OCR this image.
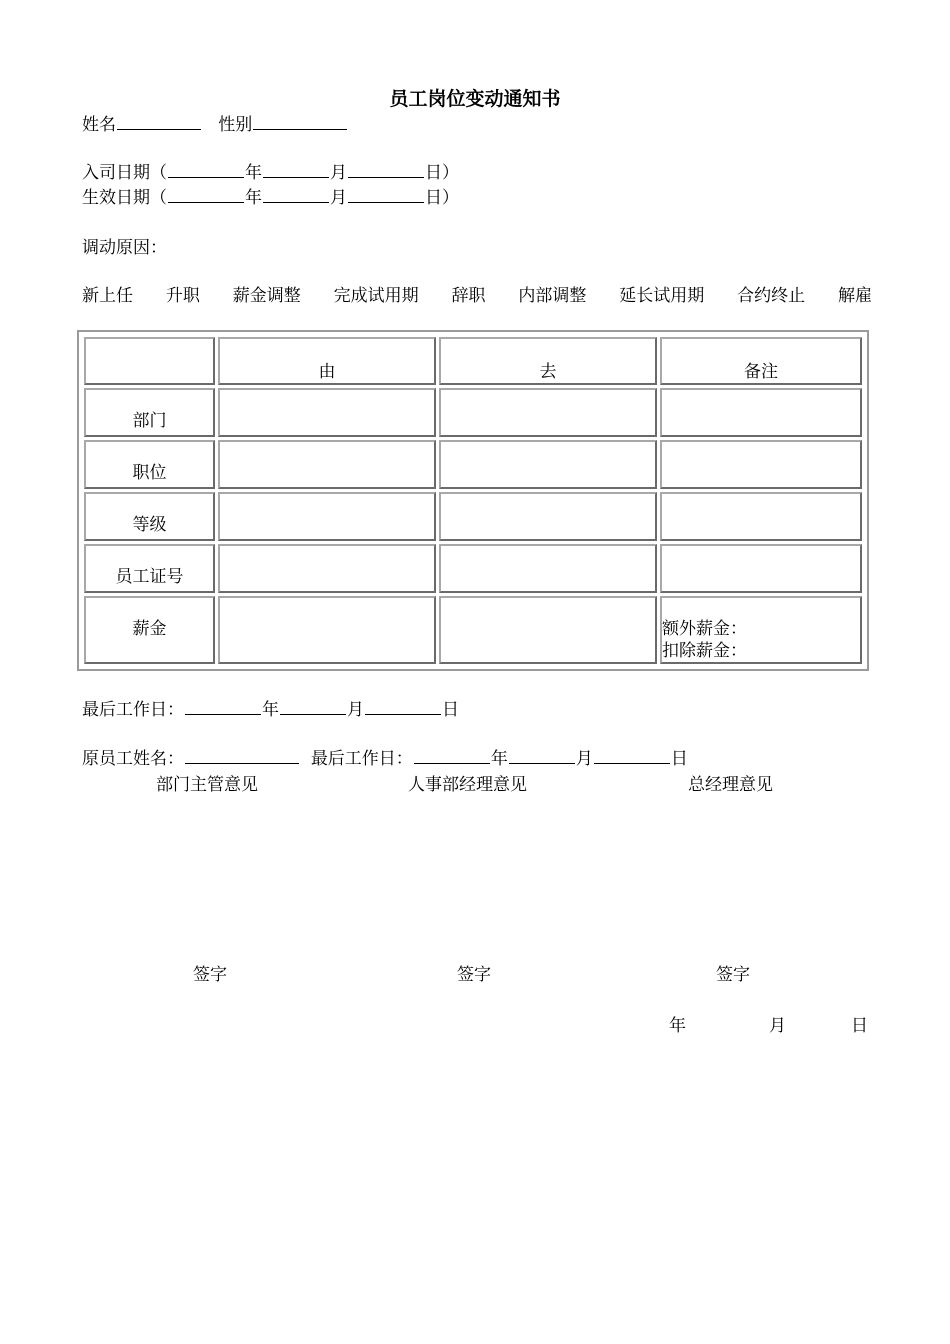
员工岗位变动通知书
姓名	性别
入司日期（	年	月	日）
生效日期（	年	月	日）
调动原因：
新上任 升职 薪金调整 完成试用期 辞职 内部调整 延长试用期 合约终止 解雇
	由	去	备注
部门			
职位			
等级			
员工证号			
薪金			额外薪金：
扣除薪金：
最后工作日：	年	月	日
原员工姓名：	最后工作日：	年	月	日
部门主管意见	人事部经理意见	总经理意见
签字	签字	签字
年	月	日
